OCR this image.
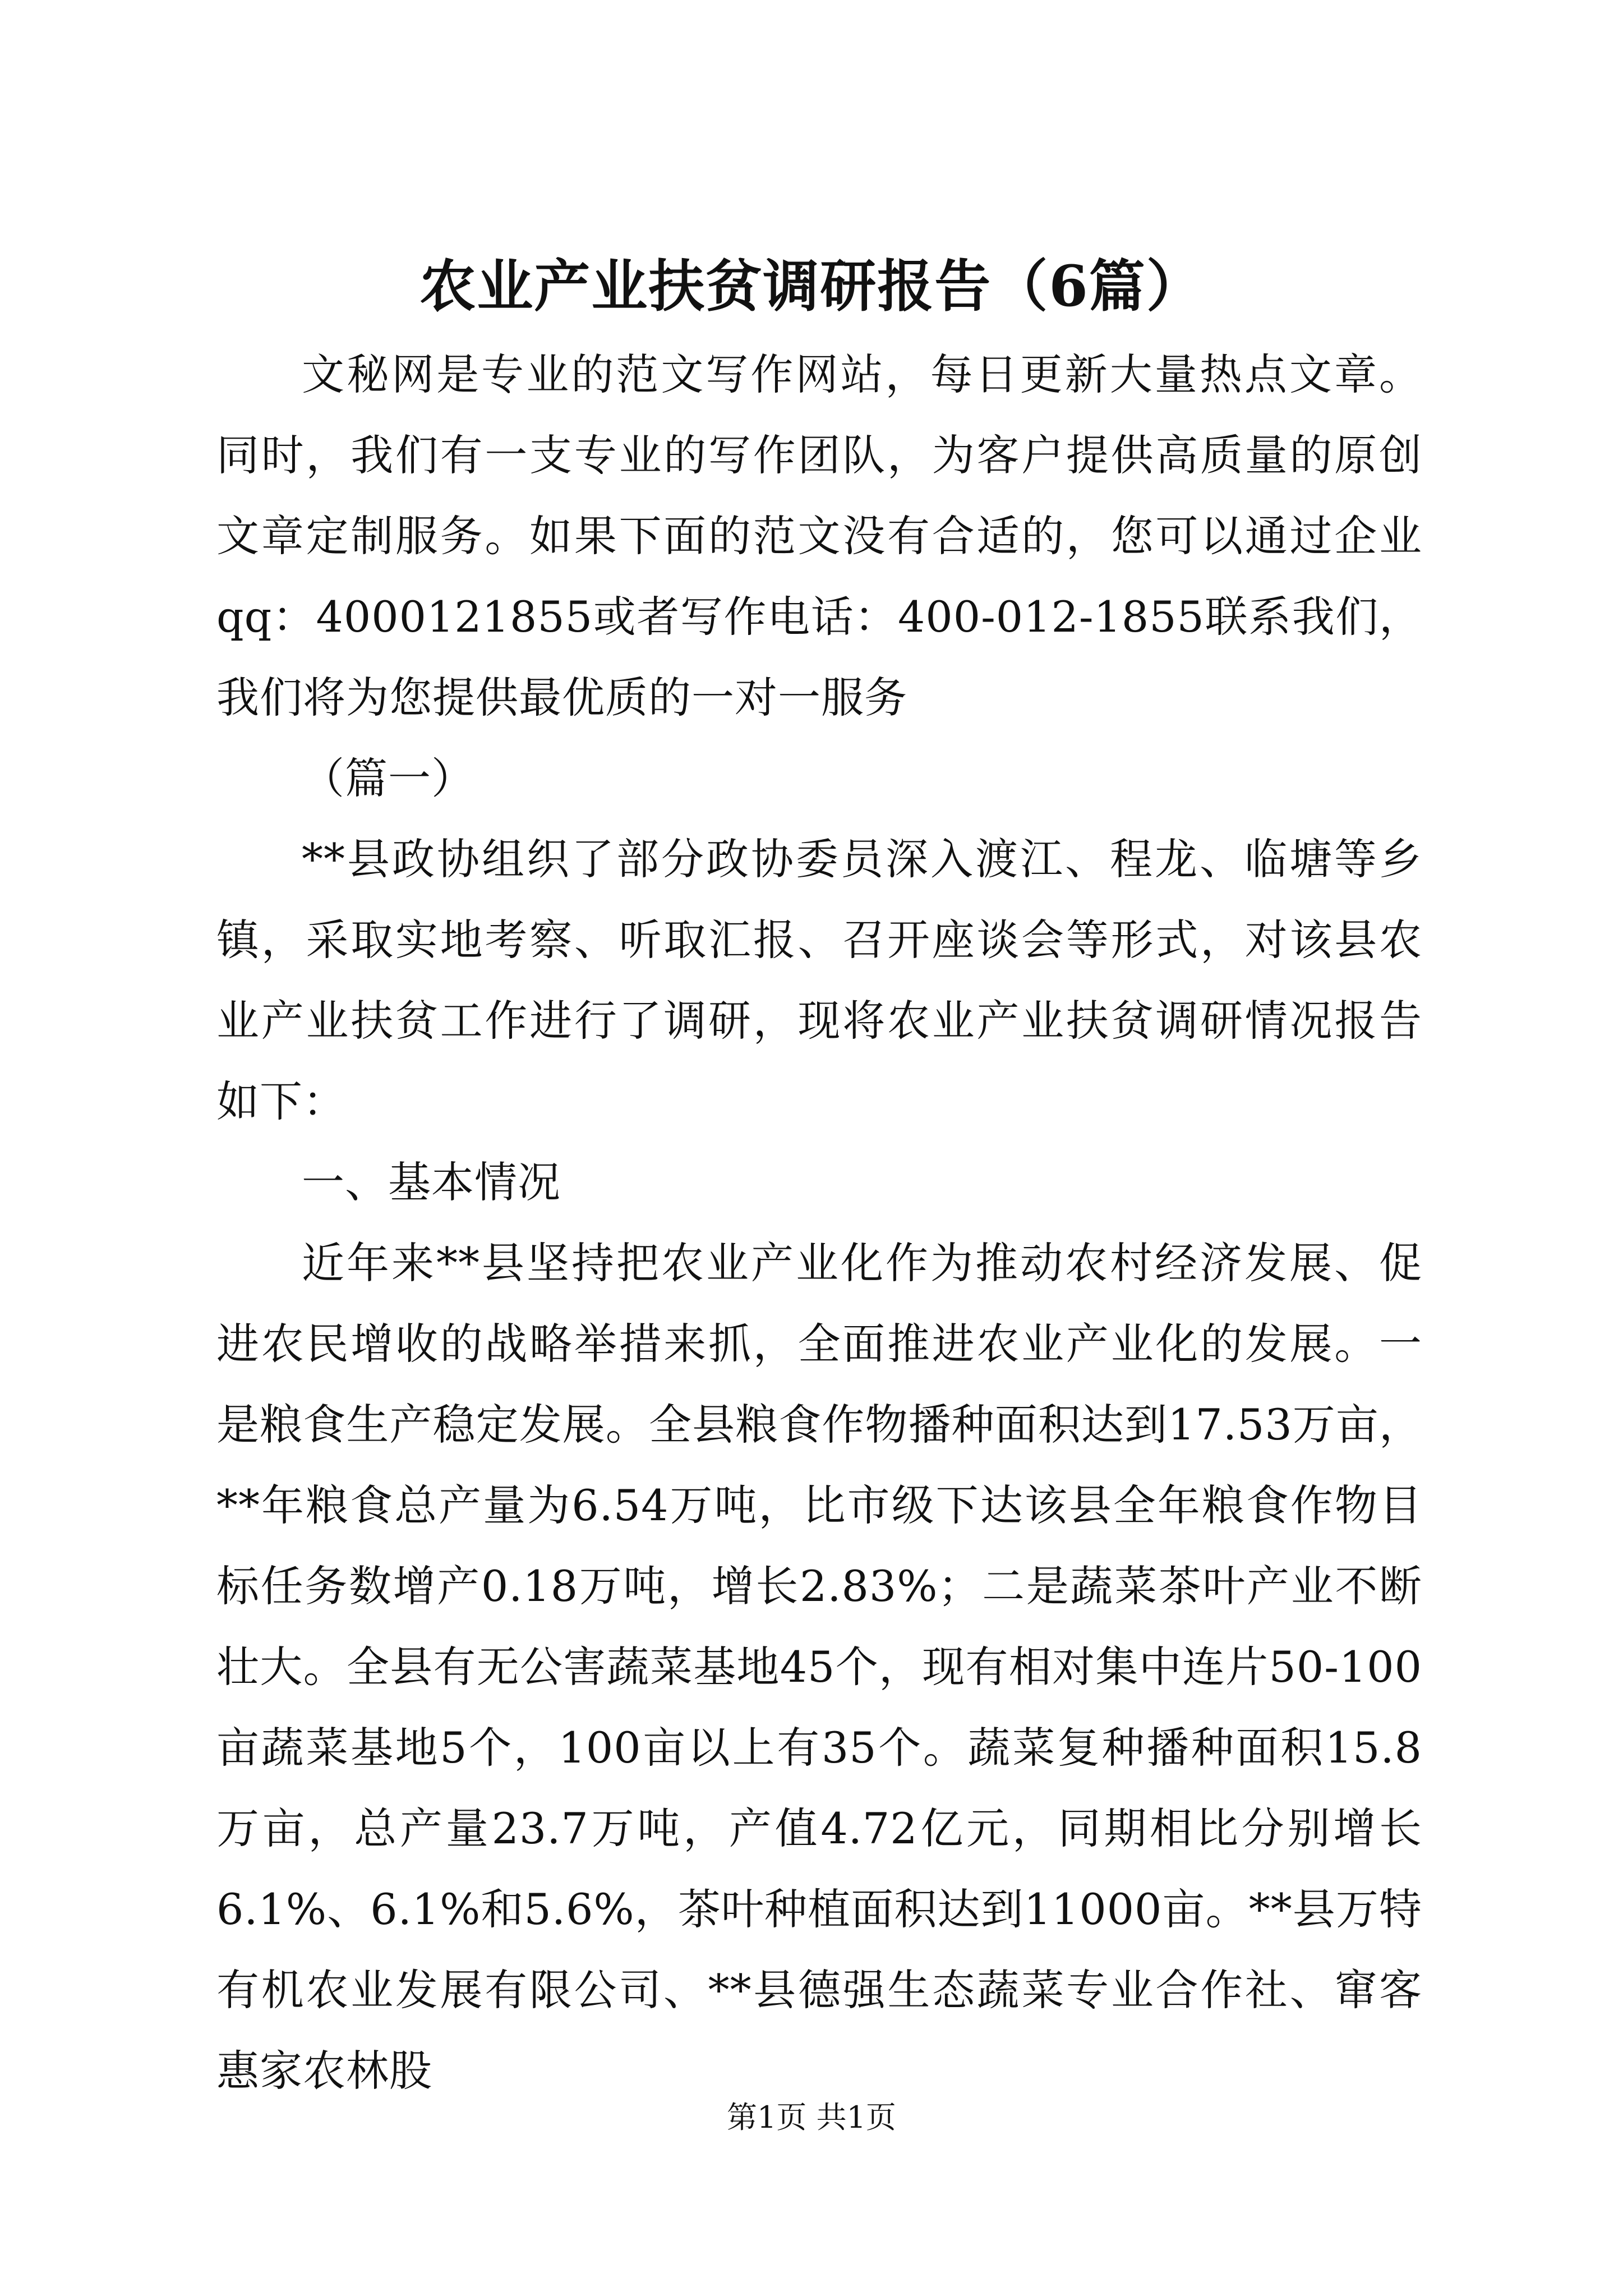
农业产业扶贫调研报告（6篇）

文秘网是专业的范文写作网站，每日更新大量热点文章。同时，我们有一支专业的写作团队，为客户提供高质量的原创文章定制服务。如果下面的范文没有合适的，您可以通过企业qq：4000121855或者写作电话：400-012-1855联系我们，我们将为您提供最优质的一对一服务

（篇一）

**县政协组织了部分政协委员深入渡江、程龙、临塘等乡镇，采取实地考察、听取汇报、召开座谈会等形式，对该县农业产业扶贫工作进行了调研，现将农业产业扶贫调研情况报告如下：

一、基本情况

近年来**县坚持把农业产业化作为推动农村经济发展、促进农民增收的战略举措来抓，全面推进农业产业化的发展。一是粮食生产稳定发展。全县粮食作物播种面积达到17.53万亩，**年粮食总产量为6.54万吨，比市级下达该县全年粮食作物目标任务数增产0.18万吨，增长2.83%；二是蔬菜茶叶产业不断壮大。全县有无公害蔬菜基地45个，现有相对集中连片50-100亩蔬菜基地5个，100亩以上有35个。蔬菜复种播种面积15.8万亩，总产量23.7万吨，产值4.72亿元，同期相比分别增长6.1%、6.1%和5.6%，茶叶种植面积达到11000亩。**县万特有机农业发展有限公司、**县德强生态蔬菜专业合作社、窜客惠家农林股

第1页 共1页
